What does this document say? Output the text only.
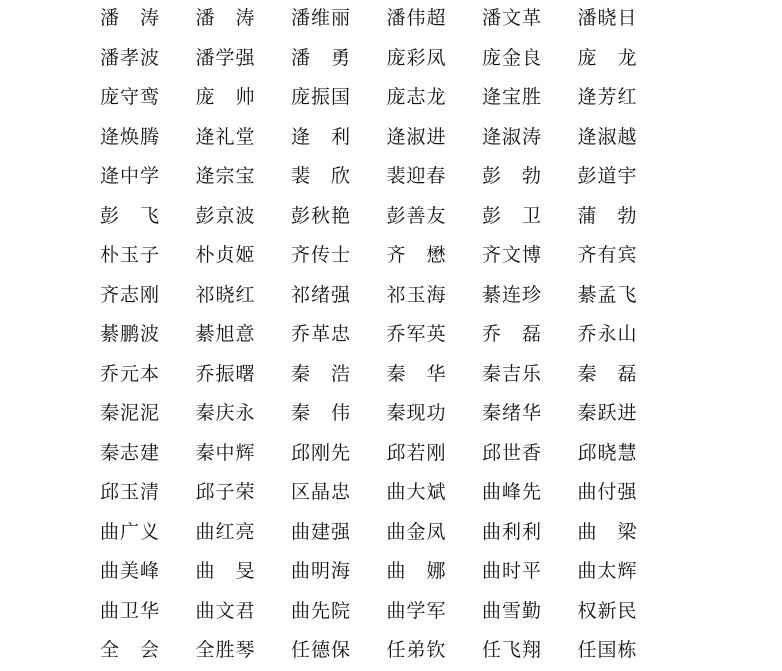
潘　涛	潘　涛	潘维丽	潘伟超	潘文革	潘晓日
潘孝波	潘学强	潘　勇	庞彩凤	庞金良	庞　龙
庞守鸾	庞　帅	庞振国	庞志龙	逄宝胜	逄芳红
逄焕腾	逄礼堂	逄　利	逄淑进	逄淑涛	逄淑越
逄中学	逄宗宝	裴　欣	裴迎春	彭　勃	彭道宇
彭　飞	彭京波	彭秋艳	彭善友	彭　卫	蒲　勃
朴玉子	朴贞姬	齐传士	齐　懋	齐文博	齐有宾
齐志刚	祁晓红	祁绪强	祁玉海	綦连珍	綦孟飞
綦鹏波	綦旭意	乔革忠	乔军英	乔　磊	乔永山
乔元本	乔振曙	秦　浩	秦　华	秦吉乐	秦　磊
秦泥泥	秦庆永	秦　伟	秦现功	秦绪华	秦跃进
秦志建	秦中辉	邱刚先	邱若刚	邱世香	邱晓慧
邱玉清	邱子荣	区晶忠	曲大斌	曲峰先	曲付强
曲广义	曲红亮	曲建强	曲金凤	曲利利	曲　梁
曲美峰	曲　旻	曲明海	曲　娜	曲时平	曲太辉
曲卫华	曲文君	曲先院	曲学军	曲雪勤	权新民
全　会	全胜琴	任德保	任弟钦	任飞翔	任国栋
